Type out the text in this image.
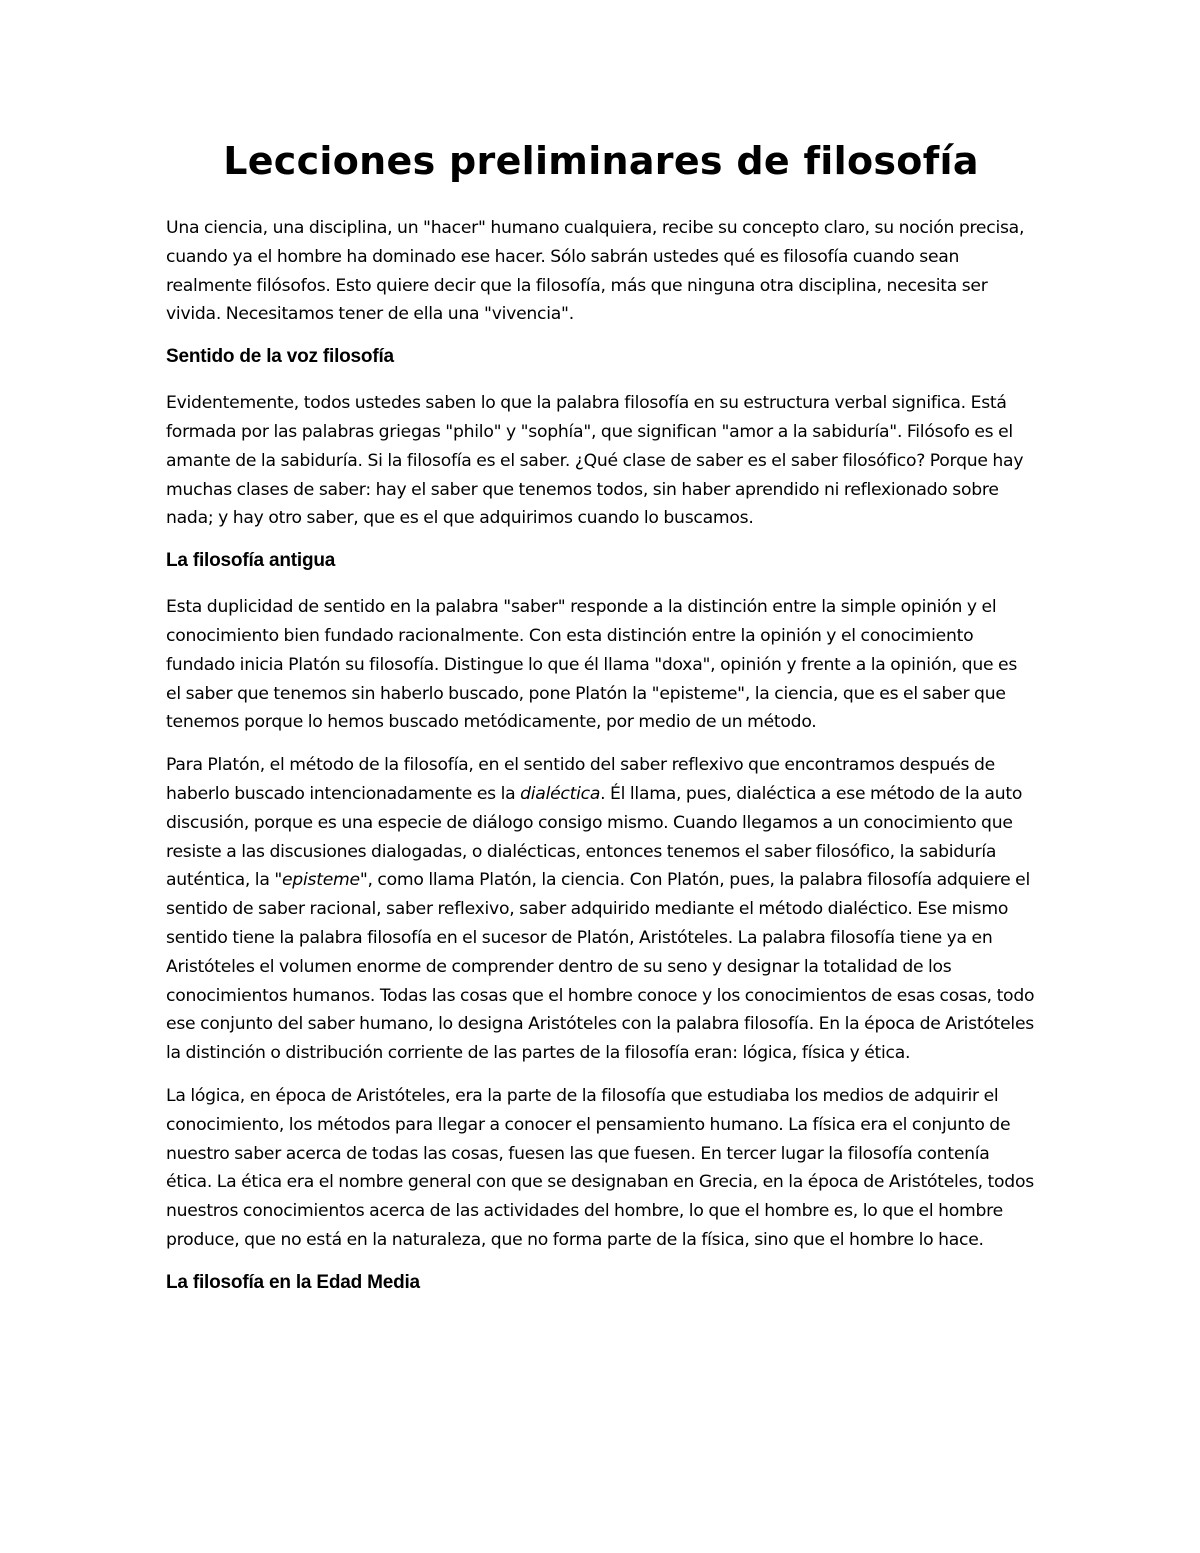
Lecciones preliminares de filosofía

Una ciencia, una disciplina, un "hacer" humano cualquiera, recibe su concepto claro, su noción precisa, cuando ya el hombre ha dominado ese hacer. Sólo sabrán ustedes qué es filosofía cuando sean realmente filósofos. Esto quiere decir que la filosofía, más que ninguna otra disciplina, necesita ser vivida. Necesitamos tener de ella una "vivencia".

Sentido de la voz filosofía

Evidentemente, todos ustedes saben lo que la palabra filosofía en su estructura verbal significa. Está formada por las palabras griegas "philo" y "sophía", que significan "amor a la sabiduría". Filósofo es el amante de la sabiduría. Si la filosofía es el saber. ¿Qué clase de saber es el saber filosófico? Porque hay muchas clases de saber: hay el saber que tenemos todos, sin haber aprendido ni reflexionado sobre nada; y hay otro saber, que es el que adquirimos cuando lo buscamos.

La filosofía antigua

Esta duplicidad de sentido en la palabra "saber" responde a la distinción entre la simple opinión y el conocimiento bien fundado racionalmente. Con esta distinción entre la opinión y el conocimiento fundado inicia Platón su filosofía. Distingue lo que él llama "doxa", opinión y frente a la opinión, que es el saber que tenemos sin haberlo buscado, pone Platón la "episteme", la ciencia, que es el saber que tenemos porque lo hemos buscado metódicamente, por medio de un método.

Para Platón, el método de la filosofía, en el sentido del saber reflexivo que encontramos después de haberlo buscado intencionadamente es la dialéctica. Él llama, pues, dialéctica a ese método de la auto discusión, porque es una especie de diálogo consigo mismo. Cuando llegamos a un conocimiento que resiste a las discusiones dialogadas, o dialécticas, entonces tenemos el saber filosófico, la sabiduría auténtica, la "episteme", como llama Platón, la ciencia. Con Platón, pues, la palabra filosofía adquiere el sentido de saber racional, saber reflexivo, saber adquirido mediante el método dialéctico. Ese mismo sentido tiene la palabra filosofía en el sucesor de Platón, Aristóteles. La palabra filosofía tiene ya en Aristóteles el volumen enorme de comprender dentro de su seno y designar la totalidad de los conocimientos humanos. Todas las cosas que el hombre conoce y los conocimientos de esas cosas, todo ese conjunto del saber humano, lo designa Aristóteles con la palabra filosofía. En la época de Aristóteles la distinción o distribución corriente de las partes de la filosofía eran: lógica, física y ética.

La lógica, en época de Aristóteles, era la parte de la filosofía que estudiaba los medios de adquirir el conocimiento, los métodos para llegar a conocer el pensamiento humano. La física era el conjunto de nuestro saber acerca de todas las cosas, fuesen las que fuesen. En tercer lugar la filosofía contenía ética. La ética era el nombre general con que se designaban en Grecia, en la época de Aristóteles, todos nuestros conocimientos acerca de las actividades del hombre, lo que el hombre es, lo que el hombre produce, que no está en la naturaleza, que no forma parte de la física, sino que el hombre lo hace.

La filosofía en la Edad Media
